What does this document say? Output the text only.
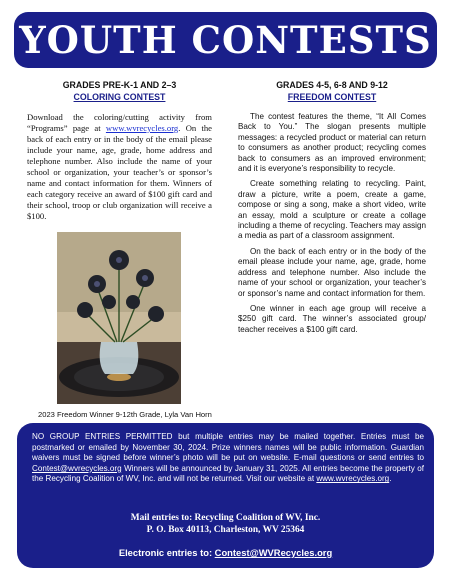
YOUTH CONTESTS

GRADES PRE-K-1 AND 2–3

COLORING CONTEST

Download the coloring/cutting activity from “Programs” page at www.wvrecycles.org. On the back of each entry or in the body of the email please include your name, age, grade, home address and telephone number. Also include the name of your school or organization, your teacher’s or sponsor’s name and contact information for them. Winners of each category receive an award of $100 gift card and their school, troop or club organization will receive a $100.

2023 Freedom Winner 9-12th Grade, Lyla Van Horn

GRADES 4-5, 6-8 AND 9-12

FREEDOM CONTEST

The contest features the theme, “It All Comes Back to You.” The slogan presents multiple messages: a recycled product or material can return to consumers as another product; recycling comes back to consumers as an improved environment; and it is everyone’s responsibility to recycle.

Create something relating to recycling. Paint, draw a picture, write a poem, create a game, compose or sing a song, make a short video, write an essay, mold a sculpture or create a collage including a theme of recycling. Teachers may assign a media as part of a classroom assignment.

On the back of each entry or in the body of the email please include your name, age, grade, home address and telephone number. Also include the name of your school or organization, your teacher’s or sponsor’s name and contact information for them.

One winner in each age group will receive a $250 gift card. The winner’s associated group/ teacher receives a $100 gift card.

NO GROUP ENTRIES PERMITTED but multiple entries may be mailed together. Entries must be postmarked or emailed by November 30, 2024. Prize winners names will be public information. Guardian waivers must be signed before winner’s photo will be put on website. E-mail questions or send entries to Contest@wvrecycles.org Winners will be announced by January 31, 2025. All entries become the property of the Recycling Coalition of WV, Inc. and will not be returned. Visit our website at www.wvrecycles.org.
Mail entries to: Recycling Coalition of WV, Inc.
P. O. Box 40113, Charleston, WV 25364
Electronic entries to: Contest@WVRecycles.org
